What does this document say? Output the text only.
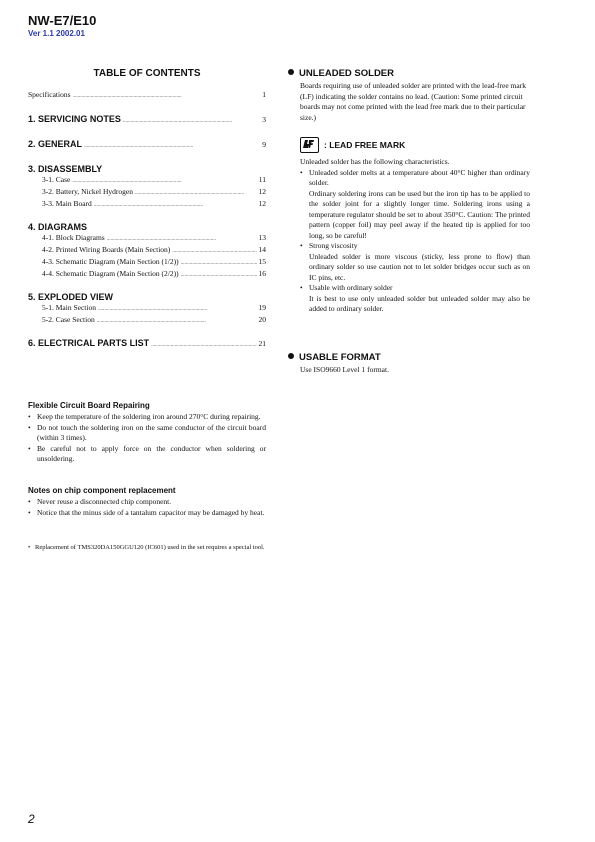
NW-E7/E10
Ver 1.1 2002.01
TABLE OF CONTENTS
Specifications . . .	1
1. SERVICING NOTES . . .	3
2. GENERAL . . .	9
3. DISASSEMBLY
3-1. Case . . .	11
3-2. Battery, Nickel Hydrogen . . .	12
3-3. Main Board . . .	12
4. DIAGRAMS
4-1. Block Diagrams . . .	13
4-2. Printed Wiring Boards (Main Section) . . .	14
4-3. Schematic Diagram (Main Section (1/2)) . . .	15
4-4. Schematic Diagram (Main Section (2/2)) . . .	16
5. EXPLODED VIEW
5-1. Main Section . . .	19
5-2. Case Section . . .	20
6. ELECTRICAL PARTS LIST . . .	21
Flexible Circuit Board Repairing
• Keep the temperature of the soldering iron around 270°C during repairing.
• Do not touch the soldering iron on the same conductor of the circuit board (within 3 times).
• Be careful not to apply force on the conductor when soldering or unsoldering.
Notes on chip component replacement
• Never reuse a disconnected chip component.
• Notice that the minus side of a tantalum capacitor may be damaged by heat.
• Replacement of TMS320DA150GGU120 (IC601) used in the set requires a special tool.

UNLEADED SOLDER

Boards requiring use of unleaded solder are printed with the lead-free mark (LF) indicating the solder contains no lead. (Caution: Some printed circuit boards may not come printed with the lead free mark due to their particular size.)

: LEAD FREE MARK

Unleaded solder has the following characteristics.

• Unleaded solder melts at a temperature about 40°C higher than ordinary solder.
Ordinary soldering irons can be used but the iron tip has to be applied to the solder joint for a slightly longer time. Soldering irons using a temperature regulator should be set to about 350°C. Caution: The printed pattern (copper foil) may peel away if the heated tip is applied for too long, so be careful!
• Strong viscosity
Unleaded solder is more viscous (sticky, less prone to flow) than ordinary solder so use caution not to let solder bridges occur such as on IC pins, etc.
• Usable with ordinary solder
It is best to use only unleaded solder but unleaded solder may also be added to ordinary solder.

USABLE FORMAT

Use ISO9660 Level 1 format.

2
